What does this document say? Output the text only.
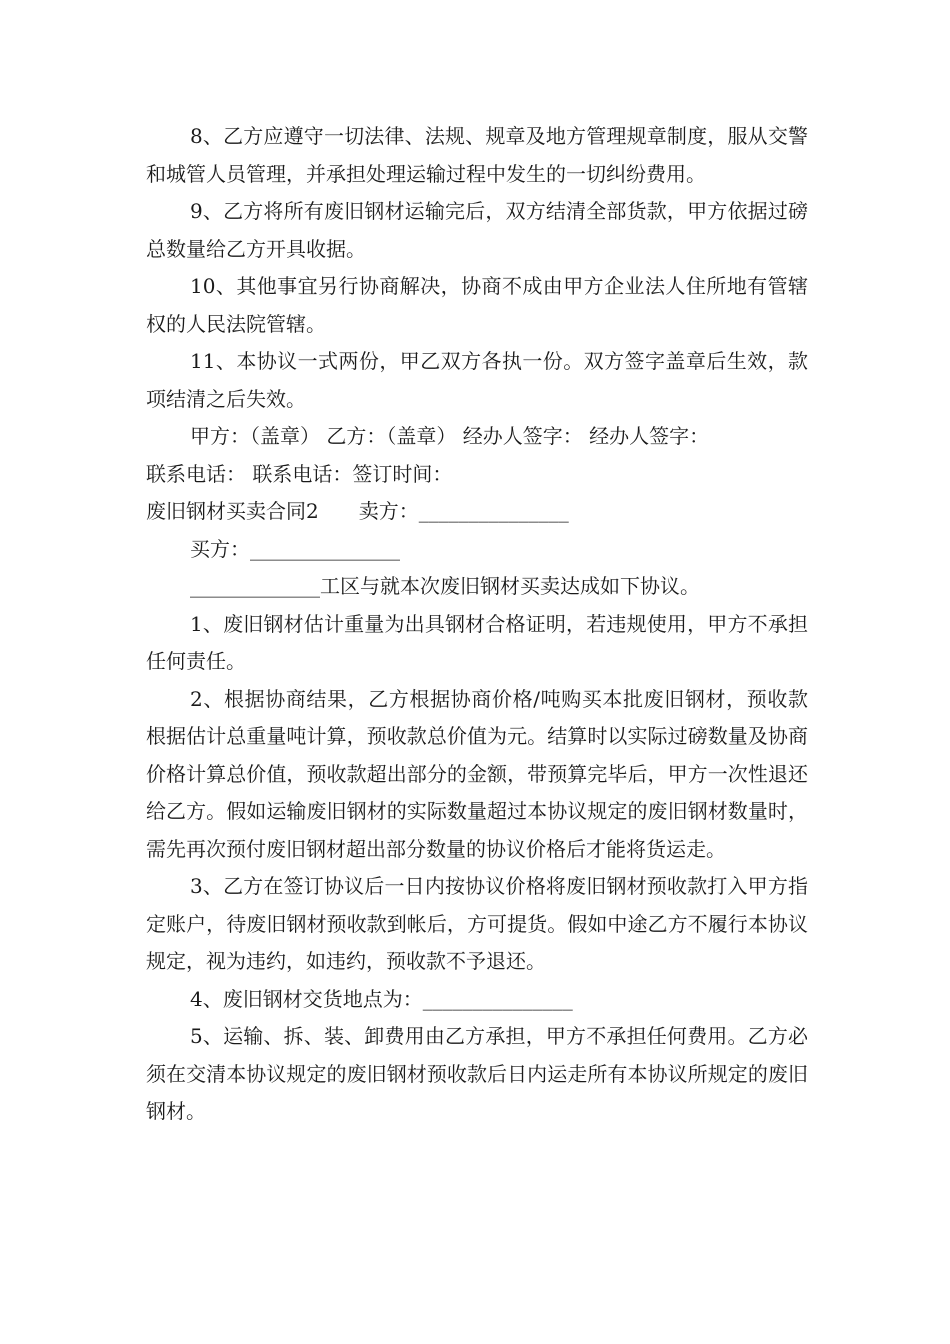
8、乙方应遵守一切法律、法规、规章及地方管理规章制度，服从交警和城管人员管理，并承担处理运输过程中发生的一切纠纷费用。

9、乙方将所有废旧钢材运输完后，双方结清全部货款，甲方依据过磅总数量给乙方开具收据。

10、其他事宜另行协商解决，协商不成由甲方企业法人住所地有管辖权的人民法院管辖。

11、本协议一式两份，甲乙双方各执一份。双方签字盖章后生效，款项结清之后失效。

甲方：（盖章） 乙方：（盖章） 经办人签字： 经办人签字：

联系电话： 联系电话：签订时间：

废旧钢材买卖合同2　　卖方：_______________

买方：_______________

_____________工区与就本次废旧钢材买卖达成如下协议。

1、废旧钢材估计重量为出具钢材合格证明，若违规使用，甲方不承担任何责任。

2、根据协商结果，乙方根据协商价格/吨购买本批废旧钢材，预收款根据估计总重量吨计算，预收款总价值为元。结算时以实际过磅数量及协商价格计算总价值，预收款超出部分的金额，带预算完毕后，甲方一次性退还给乙方。假如运输废旧钢材的实际数量超过本协议规定的废旧钢材数量时，需先再次预付废旧钢材超出部分数量的协议价格后才能将货运走。

3、乙方在签订协议后一日内按协议价格将废旧钢材预收款打入甲方指定账户，待废旧钢材预收款到帐后，方可提货。假如中途乙方不履行本协议规定，视为违约，如违约，预收款不予退还。

4、废旧钢材交货地点为：_______________

5、运输、拆、装、卸费用由乙方承担，甲方不承担任何费用。乙方必须在交清本协议规定的废旧钢材预收款后日内运走所有本协议所规定的废旧钢材。
